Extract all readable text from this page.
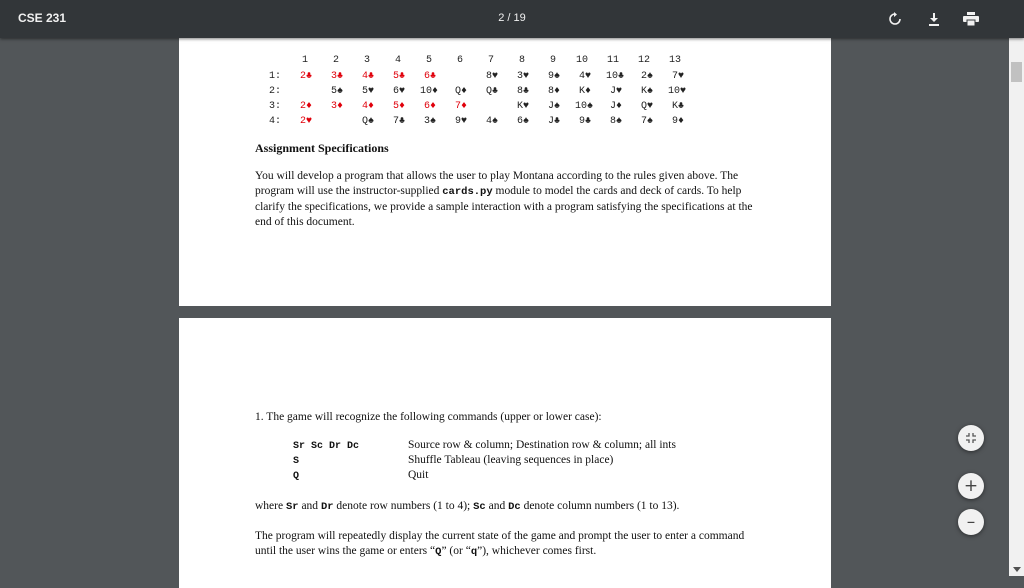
CSE 231	2 / 19
1 2 3 4 5 6 7 8 9 10 11 12 13
1: 2♣ 3♣ 4♣ 5♣ 6♣	8♥ 3♥ 9♠ 4♥ 10♣ 2♠ 7♥
2:	5♠ 5♥ 6♥ 10♦ Q♦ Q♣ 8♣ 8♦ K♦ J♥ K♠ 10♥
3: 2♦ 3♦ 4♦ 5♦ 6♦ 7♦	K♥ J♠ 10♠ J♦ Q♥ K♣
4: 2♥	Q♠ 7♣ 3♠ 9♥ 4♠ 6♠ J♣ 9♣ 8♠ 7♠ 9♦
Assignment Specifications
You will develop a program that allows the user to play Montana according to the rules given above. The program will use the instructor-supplied cards.py module to model the cards and deck of cards. To help clarify the specifications, we provide a sample interaction with a program satisfying the specifications at the end of this document.
1. The game will recognize the following commands (upper or lower case):
Sr Sc Dr Dc	Source row & column; Destination row & column; all ints
S	Shuffle Tableau (leaving sequences in place)
Q	Quit
where Sr and Dr denote row numbers (1 to 4); Sc and Dc denote column numbers (1 to 13).
The program will repeatedly display the current state of the game and prompt the user to enter a command until the user wins the game or enters “Q” (or “q”), whichever comes first.
+
–
